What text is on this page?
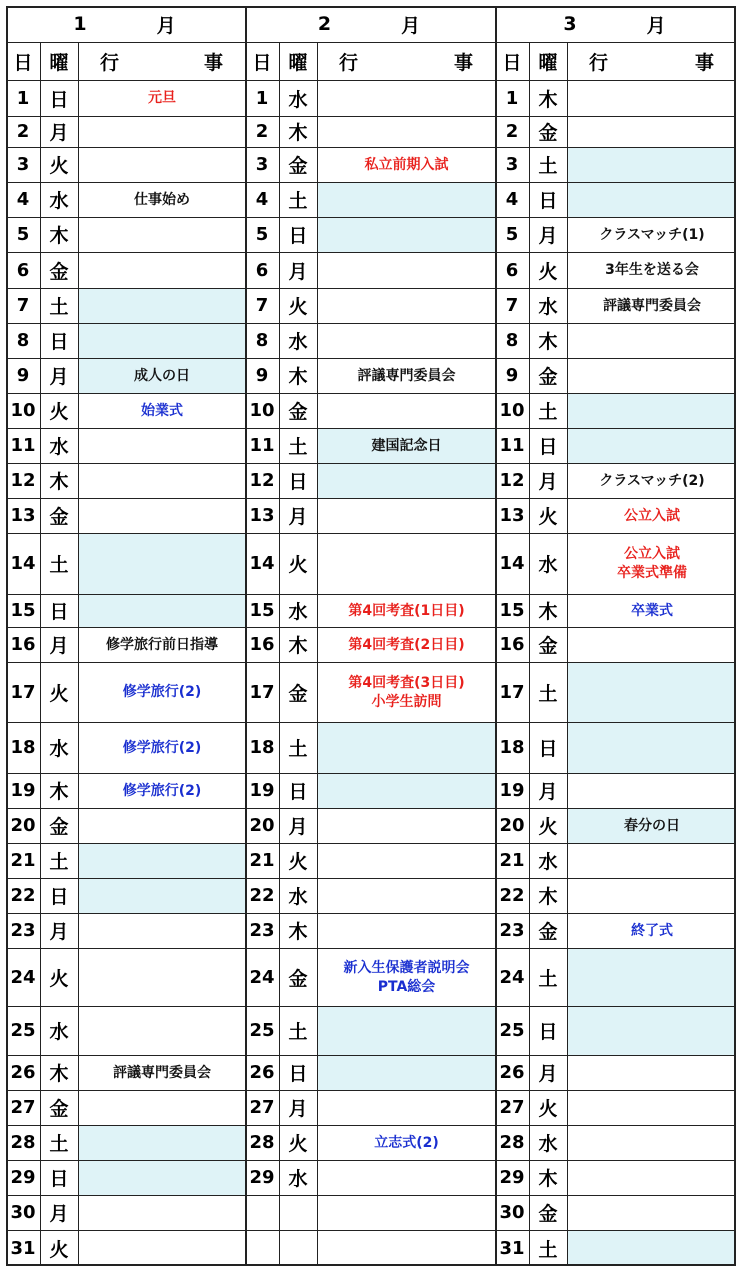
1	月
日 曜	行	事
1	日	元旦
2	月
3	火
4	水	仕事始め
5	木
6	金
7	土
8	日
9	月	成人の日
10 火	始業式
11 水
12 木
13 金
14 土
15 日
16 月	修学旅行前日指導
17 火	修学旅行(2)
18 水	修学旅行(2)
19 木	修学旅行(2)
20 金
21 土
22 日
23 月
24 火
25 水
26 木	評議専門委員会
27 金
28 土
29 日
30 月
31 火
2	月
日 曜	行	事
1	水
2	木
3	金	私立前期入試
4	土
5	日
6	月
7	火
8	水
9	木	評議専門委員会
10 金
11 土	建国記念日
12 日
13 月
14 火
15 水	第4回考査(1日目)
16 木	第4回考査(2日目)
17 金	第4回考査(3日目)
小学生訪問
18 土
19 日
20 月
21 火
22 水
23 木
24 金	新入生保護者説明会
PTA総会
25 土
26 日
27 月
28 火	立志式(2)
29 水
3	月
日 曜	行	事
1	木
2	金
3	土
4	日
5	月	クラスマッチ(1)
6	火	3年生を送る会
7	水	評議専門委員会
8	木
9	金
10 土
11 日
12 月	クラスマッチ(2)
13 火	公立入試
14 水	公立入試
卒業式準備
15 木	卒業式
16 金
17 土
18 日
19 月
20 火	春分の日
21 水
22 木
23 金	終了式
24 土
25 日
26 月
27 火
28 水
29 木
30 金
31 土
